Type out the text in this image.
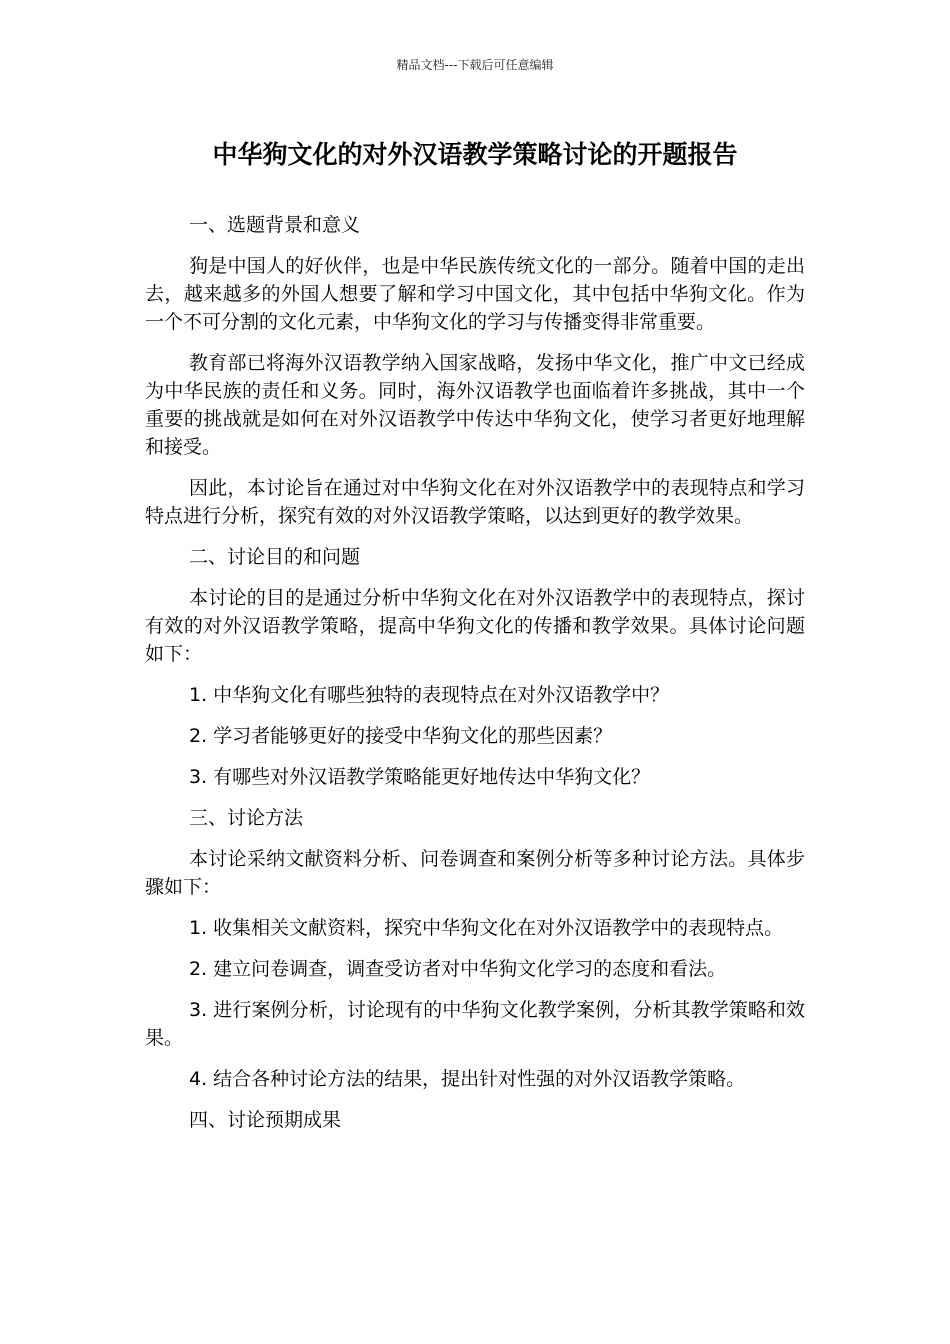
精品文档---下载后可任意编辑
中华狗文化的对外汉语教学策略讨论的开题报告

一、选题背景和意义

狗是中国人的好伙伴，也是中华民族传统文化的一部分。随着中国的走出去，越来越多的外国人想要了解和学习中国文化，其中包括中华狗文化。作为一个不可分割的文化元素，中华狗文化的学习与传播变得非常重要。

教育部已将海外汉语教学纳入国家战略，发扬中华文化，推广中文已经成为中华民族的责任和义务。同时，海外汉语教学也面临着许多挑战，其中一个重要的挑战就是如何在对外汉语教学中传达中华狗文化，使学习者更好地理解和接受。

因此，本讨论旨在通过对中华狗文化在对外汉语教学中的表现特点和学习特点进行分析，探究有效的对外汉语教学策略，以达到更好的教学效果。

二、讨论目的和问题

本讨论的目的是通过分析中华狗文化在对外汉语教学中的表现特点，探讨有效的对外汉语教学策略，提高中华狗文化的传播和教学效果。具体讨论问题如下：

1. 中华狗文化有哪些独特的表现特点在对外汉语教学中？

2. 学习者能够更好的接受中华狗文化的那些因素？

3. 有哪些对外汉语教学策略能更好地传达中华狗文化？

三、讨论方法

本讨论采纳文献资料分析、问卷调查和案例分析等多种讨论方法。具体步骤如下：

1. 收集相关文献资料，探究中华狗文化在对外汉语教学中的表现特点。

2. 建立问卷调查，调查受访者对中华狗文化学习的态度和看法。

3. 进行案例分析，讨论现有的中华狗文化教学案例，分析其教学策略和效果。

4. 结合各种讨论方法的结果，提出针对性强的对外汉语教学策略。

四、讨论预期成果
